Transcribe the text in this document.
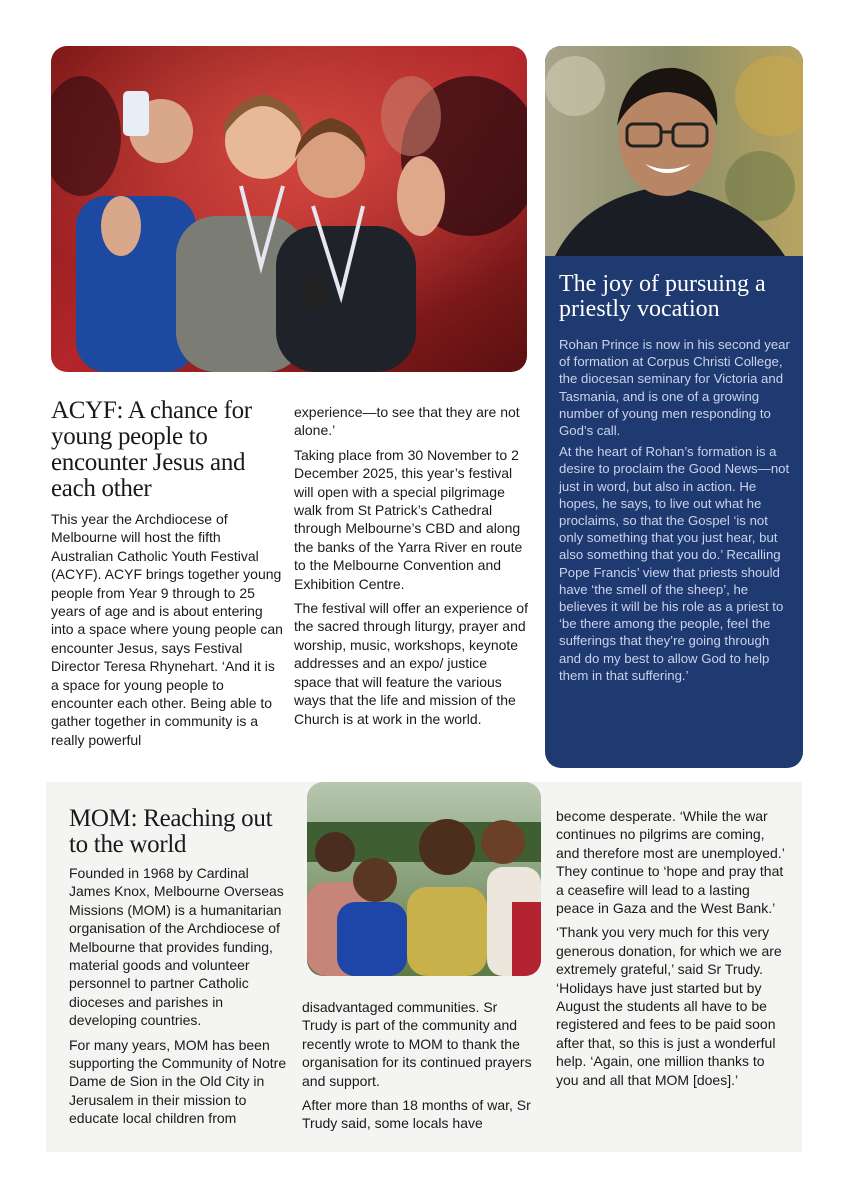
ACYF: A chance for young people to encounter Jesus and each other

This year the Archdiocese of Melbourne will host the fifth Australian Catholic Youth Festival (ACYF). ACYF brings together young people from Year 9 through to 25 years of age and is about entering into a space where young people can encounter Jesus, says Festival Director Teresa Rhynehart. ‘And it is a space for young people to encounter each other. Being able to gather together in community is a really powerful

experience—to see that they are not alone.’

Taking place from 30 November to 2 December 2025, this year’s festival will open with a special pilgrimage walk from St Patrick’s Cathedral through Melbourne’s CBD and along the banks of the Yarra River en route to the Melbourne Convention and Exhibition Centre.

The festival will offer an experience of the sacred through liturgy, prayer and worship, music, workshops, keynote addresses and an expo/ justice space that will feature the various ways that the life and mission of the Church is at work in the world.

The joy of pursuing a priestly vocation

Rohan Prince is now in his second year of formation at Corpus Christi College, the diocesan seminary for Victoria and Tasmania, and is one of a growing number of young men responding to God’s call.

At the heart of Rohan’s formation is a desire to proclaim the Good News—not just in word, but also in action. He hopes, he says, to live out what he proclaims, so that the Gospel ‘is not only something that you just hear, but also something that you do.’ Recalling Pope Francis’ view that priests should have ‘the smell of the sheep’, he believes it will be his role as a priest to ‘be there among the people, feel the sufferings that they’re going through and do my best to allow God to help them in that suffering.’

MOM: Reaching out to the world

Founded in 1968 by Cardinal James Knox, Melbourne Overseas Missions (MOM) is a humanitarian organisation of the Archdiocese of Melbourne that provides funding, material goods and volunteer personnel to partner Catholic dioceses and parishes in developing countries.

For many years, MOM has been supporting the Community of Notre Dame de Sion in the Old City in Jerusalem in their mission to educate local children from

disadvantaged communities. Sr Trudy is part of the community and recently wrote to MOM to thank the organisation for its continued prayers and support.

After more than 18 months of war, Sr Trudy said, some locals have

become desperate. ‘While the war continues no pilgrims are coming, and therefore most are unemployed.’ They continue to ‘hope and pray that a ceasefire will lead to a lasting peace in Gaza and the West Bank.’

‘Thank you very much for this very generous donation, for which we are extremely grateful,’ said Sr Trudy. ‘Holidays have just started but by August the students all have to be registered and fees to be paid soon after that, so this is just a wonderful help. ‘Again, one million thanks to you and all that MOM [does].’
